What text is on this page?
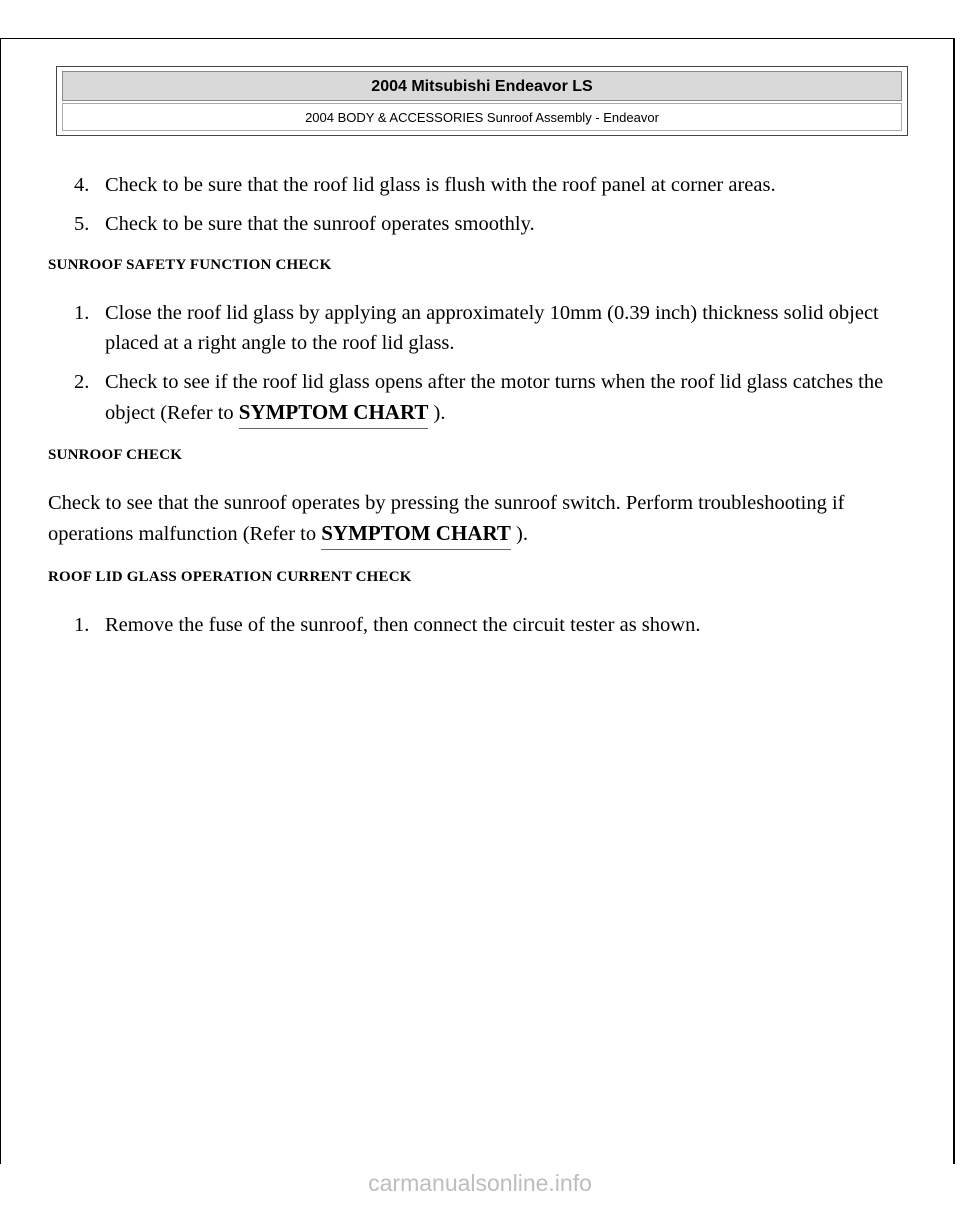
2004 Mitsubishi Endeavor LS
2004 BODY & ACCESSORIES Sunroof Assembly - Endeavor
4. Check to be sure that the roof lid glass is flush with the roof panel at corner areas.
5. Check to be sure that the sunroof operates smoothly.
SUNROOF SAFETY FUNCTION CHECK
1. Close the roof lid glass by applying an approximately 10mm (0.39 inch) thickness solid object placed at a right angle to the roof lid glass.
2. Check to see if the roof lid glass opens after the motor turns when the roof lid glass catches the object (Refer to SYMPTOM CHART ).
SUNROOF CHECK

Check to see that the sunroof operates by pressing the sunroof switch. Perform troubleshooting if operations malfunction (Refer to SYMPTOM CHART ).

ROOF LID GLASS OPERATION CURRENT CHECK
1. Remove the fuse of the sunroof, then connect the circuit tester as shown.
carmanualsonline.info
